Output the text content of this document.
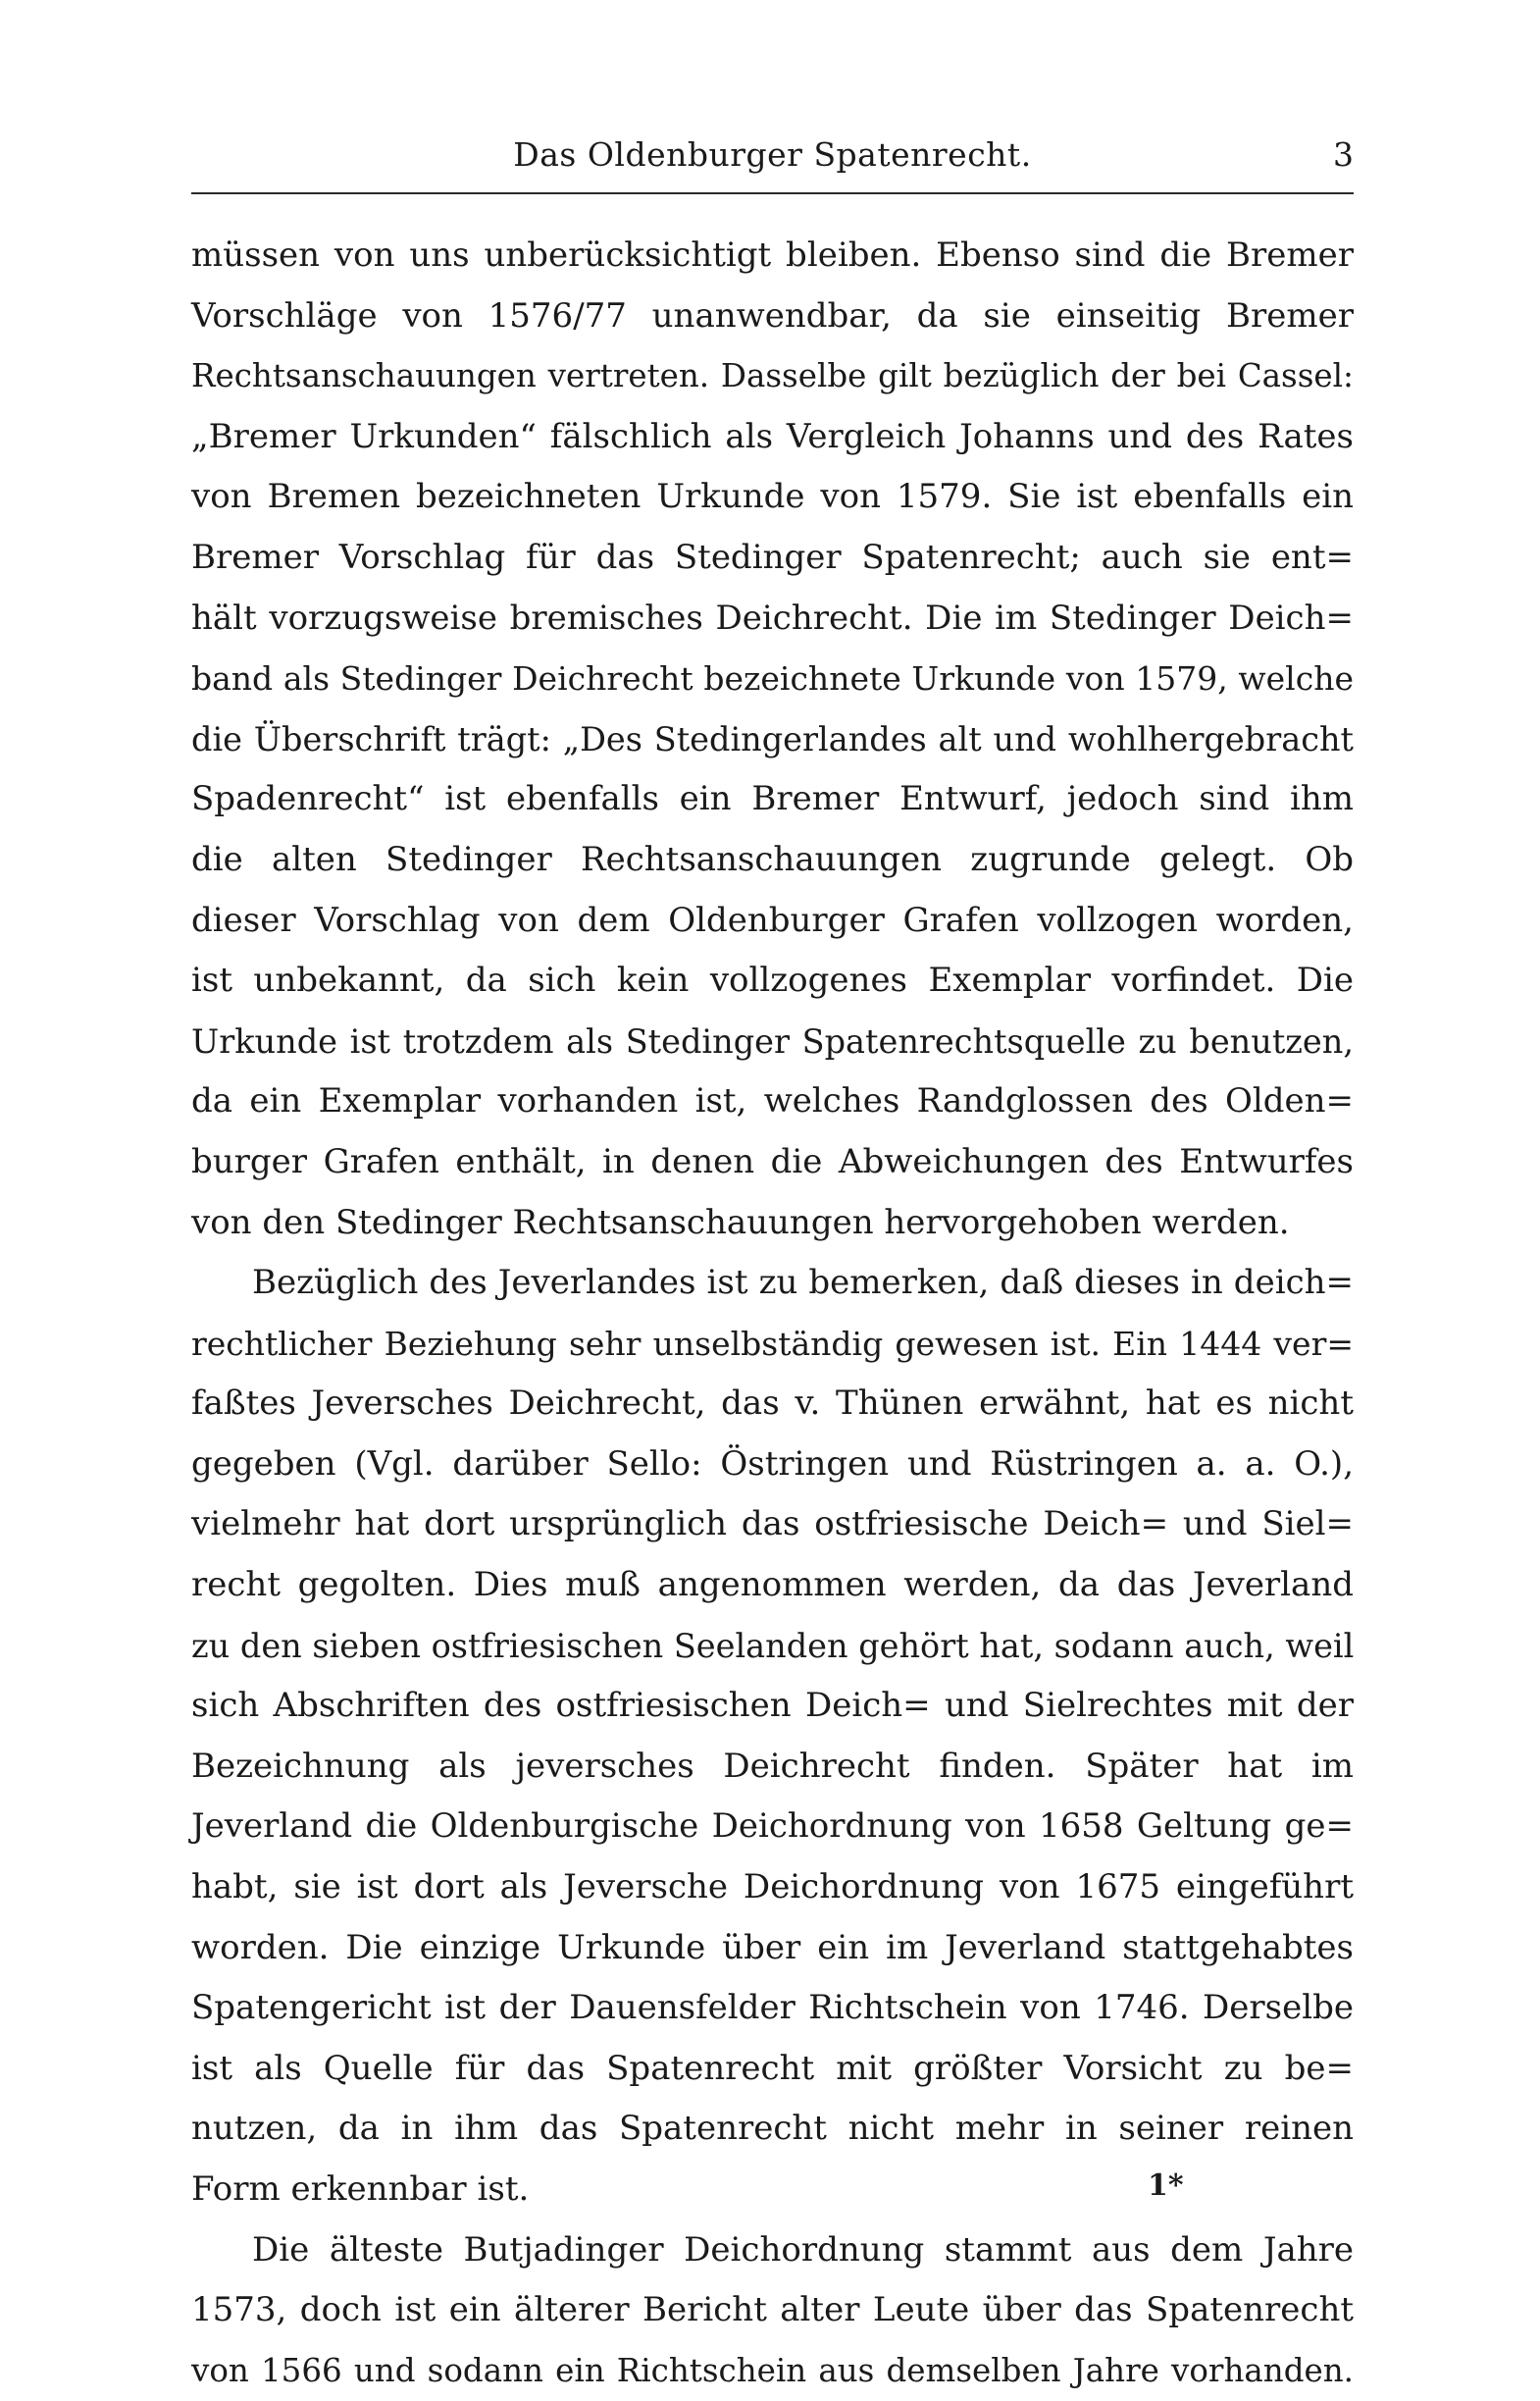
Das Oldenburger Spatenrecht.	3
müssen von uns unberücksichtigt bleiben. Ebenso sind die Bremer
Vorschläge von 1576/77 unanwendbar, da sie einseitig Bremer
Rechtsanschauungen vertreten. Dasselbe gilt bezüglich der bei Cassel:
„Bremer Urkunden“ fälschlich als Vergleich Johanns und des Rates
von Bremen bezeichneten Urkunde von 1579. Sie ist ebenfalls ein
Bremer Vorschlag für das Stedinger Spatenrecht; auch sie ent=
hält vorzugsweise bremisches Deichrecht. Die im Stedinger Deich=
band als Stedinger Deichrecht bezeichnete Urkunde von 1579, welche
die Überschrift trägt: „Des Stedingerlandes alt und wohlhergebracht
Spadenrecht“ ist ebenfalls ein Bremer Entwurf, jedoch sind ihm
die alten Stedinger Rechtsanschauungen zugrunde gelegt. Ob
dieser Vorschlag von dem Oldenburger Grafen vollzogen worden,
ist unbekannt, da sich kein vollzogenes Exemplar vorfindet. Die
Urkunde ist trotzdem als Stedinger Spatenrechtsquelle zu benutzen,
da ein Exemplar vorhanden ist, welches Randglossen des Olden=
burger Grafen enthält, in denen die Abweichungen des Entwurfes
von den Stedinger Rechtsanschauungen hervorgehoben werden.
Bezüglich des Jeverlandes ist zu bemerken, daß dieses in deich=
rechtlicher Beziehung sehr unselbständig gewesen ist. Ein 1444 ver=
faßtes Jeversches Deichrecht, das v. Thünen erwähnt, hat es nicht
gegeben (Vgl. darüber Sello: Östringen und Rüstringen a. a. O.),
vielmehr hat dort ursprünglich das ostfriesische Deich= und Siel=
recht gegolten. Dies muß angenommen werden, da das Jeverland
zu den sieben ostfriesischen Seelanden gehört hat, sodann auch, weil
sich Abschriften des ostfriesischen Deich= und Sielrechtes mit der
Bezeichnung als jeversches Deichrecht finden. Später hat im
Jeverland die Oldenburgische Deichordnung von 1658 Geltung ge=
habt, sie ist dort als Jeversche Deichordnung von 1675 eingeführt
worden. Die einzige Urkunde über ein im Jeverland stattgehabtes
Spatengericht ist der Dauensfelder Richtschein von 1746. Derselbe
ist als Quelle für das Spatenrecht mit größter Vorsicht zu be=
nutzen, da in ihm das Spatenrecht nicht mehr in seiner reinen
Form erkennbar ist.
Die älteste Butjadinger Deichordnung stammt aus dem Jahre
1573, doch ist ein älterer Bericht alter Leute über das Spatenrecht
von 1566 und sodann ein Richtschein aus demselben Jahre vorhanden.
1*
